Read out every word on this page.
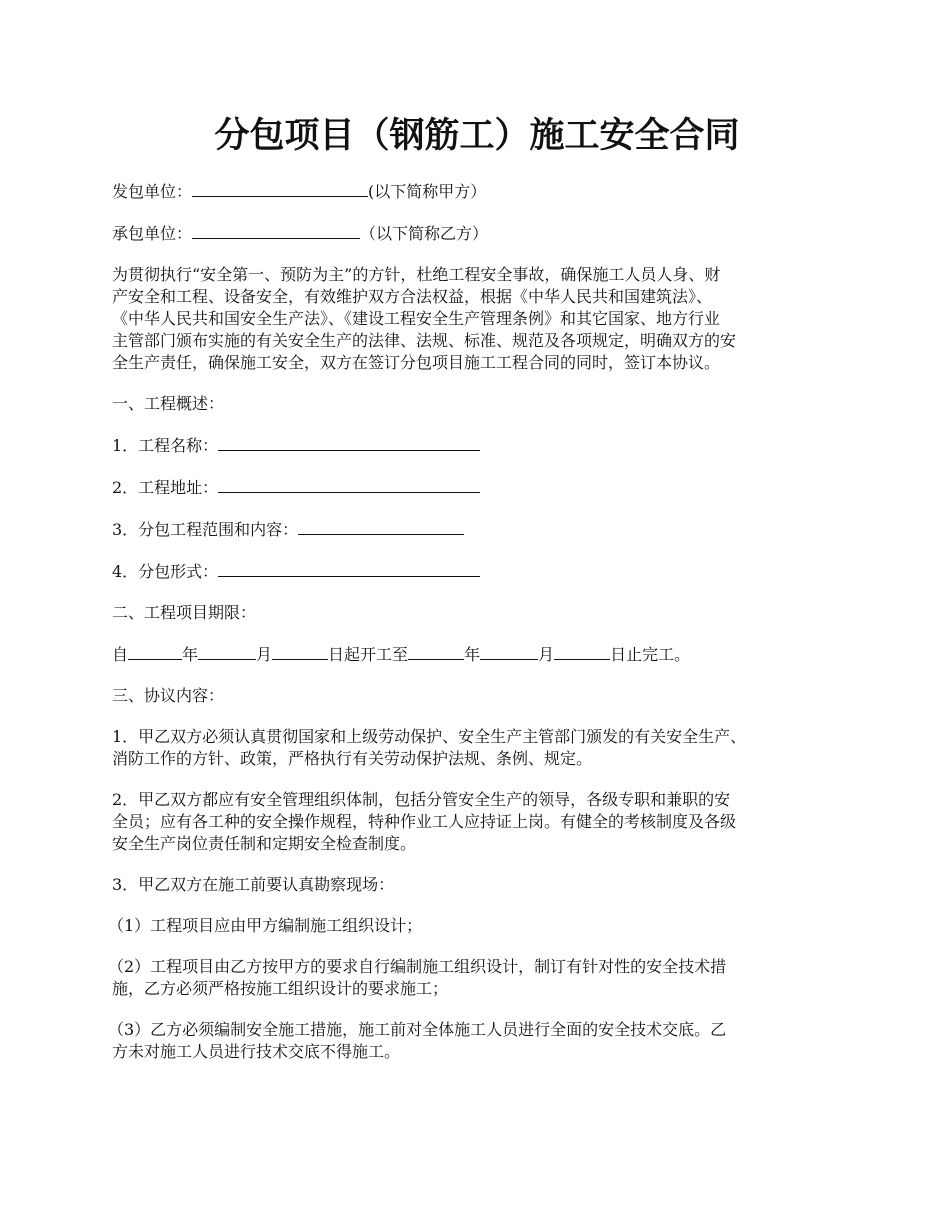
分包项目（钢筋工）施工安全合同

发包单位：	(以下简称甲方）

承包单位：	（以下简称乙方）

为贯彻执行“安全第一、预防为主”的方针，杜绝工程安全事故，确保施工人员人身、财

产安全和工程、设备安全，有效维护双方合法权益，根据《中华人民共和国建筑法》、

《中华人民共和国安全生产法》、《建设工程安全生产管理条例》和其它国家、地方行业

主管部门颁布实施的有关安全生产的法律、法规、标准、规范及各项规定，明确双方的安

全生产责任，确保施工安全，双方在签订分包项目施工工程合同的同时，签订本协议。

一、工程概述：

1．工程名称：

2．工程地址：

3．分包工程范围和内容：

4．分包形式：

二、工程项目期限：

自	年	月	日起开工至	年	月	日止完工。

三、协议内容：

1．甲乙双方必须认真贯彻国家和上级劳动保护、安全生产主管部门颁发的有关安全生产、

消防工作的方针、政策，严格执行有关劳动保护法规、条例、规定。

2．甲乙双方都应有安全管理组织体制，包括分管安全生产的领导，各级专职和兼职的安

全员；应有各工种的安全操作规程，特种作业工人应持证上岗。有健全的考核制度及各级

安全生产岗位责任制和定期安全检查制度。

3．甲乙双方在施工前要认真勘察现场：

（1）工程项目应由甲方编制施工组织设计；

（2）工程项目由乙方按甲方的要求自行编制施工组织设计，制订有针对性的安全技术措

施，乙方必须严格按施工组织设计的要求施工；

（3）乙方必须编制安全施工措施，施工前对全体施工人员进行全面的安全技术交底。乙

方未对施工人员进行技术交底不得施工。
